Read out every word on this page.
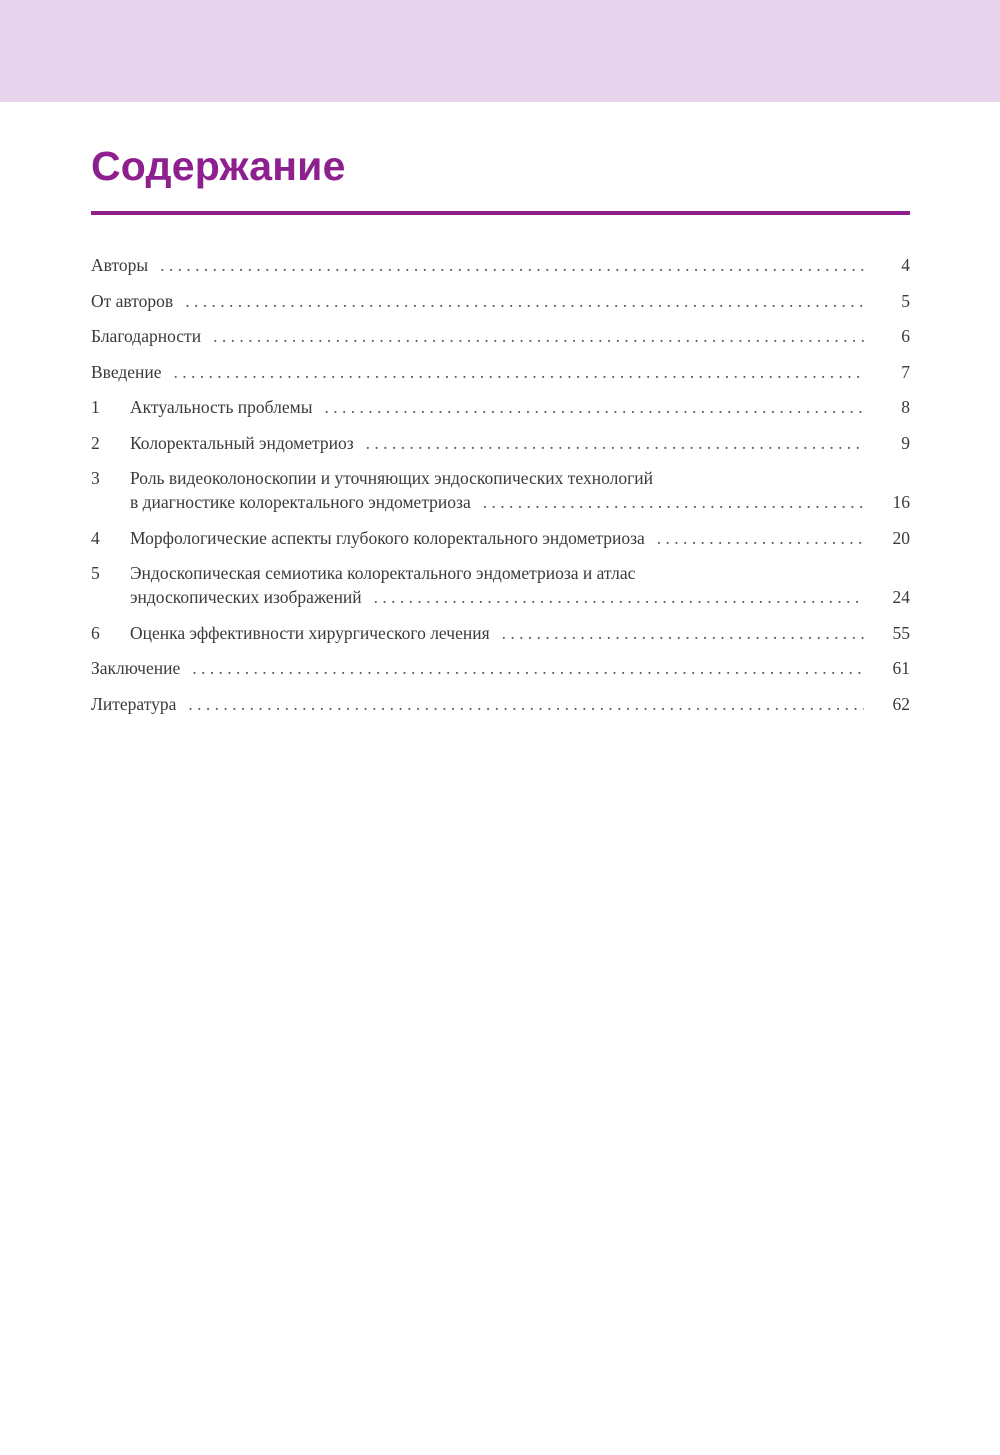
Содержание
Авторы . . .	4
От авторов . . .	5
Благодарности . . .	6
Введение . . .	7
1	Актуальность проблемы . . .	8
2	Колоректальный эндометриоз . . .	9
3	Роль видеоколоноскопии и уточняющих эндоскопических технологий
в диагностике колоректального эндометриоза . . .	16
4	Морфологические аспекты глубокого колоректального эндометриоза . . .	20
5	Эндоскопическая семиотика колоректального эндометриоза и атлас
эндоскопических изображений . . .	24
6	Оценка эффективности хирургического лечения . . .	55
Заключение . . .	61
Литература . . .	62
